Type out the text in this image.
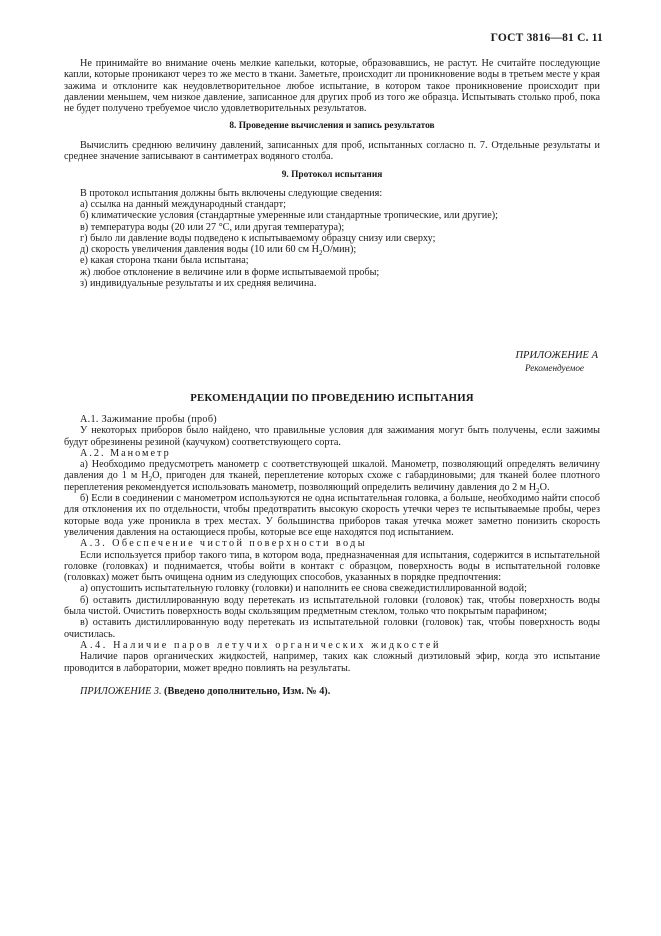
ГОСТ 3816—81 С. 11

Не принимайте во внимание очень мелкие капельки, которые, образовавшись, не растут. Не считайте последующие капли, которые проникают через то же место в ткани. Заметьте, происходит ли проникновение воды в третьем месте у края зажима и отклоните как неудовлетворительное любое испытание, в котором такое проникновение происходит при давлении меньшем, чем низкое давление, записанное для других проб из того же образца. Испытывать столько проб, пока не будет получено требуемое число удовлетворительных результатов.

8. Проведение вычисления и запись результатов

Вычислить среднюю величину давлений, записанных для проб, испытанных согласно п. 7. Отдельные результаты и среднее значение записывают в сантиметрах водяного столба.

9. Протокол испытания

В протокол испытания должны быть включены следующие сведения:

а) ссылка на данный международный стандарт;

б) климатические условия (стандартные умеренные или стандартные тропические, или другие);

в) температура воды (20 или 27 °С, или другая температура);

г) было ли давление воды подведено к испытываемому образцу снизу или сверху;

д) скорость увеличения давления воды (10 или 60 см $H_2О/мин$);

е) какая сторона ткани была испытана;

ж) любое отклонение в величине или в форме испытываемой пробы;

з) индивидуальные результаты и их средняя величина.

ПРИЛОЖЕНИЕ А
Рекомендуемое
РЕКОМЕНДАЦИИ ПО ПРОВЕДЕНИЮ ИСПЫТАНИЯ

А.1. Зажимание пробы (проб)

У некоторых приборов было найдено, что правильные условия для зажимания могут быть получены, если зажимы будут обрезинены резиной (каучуком) соответствующего сорта.

А.2. Манометр

а) Необходимо предусмотреть манометр с соответствующей шкалой. Манометр, позволяющий определять величину давления до 1 м $H_2О$, пригоден для тканей, переплетение которых схоже с габардиновыми; для тканей более плотного переплетения рекомендуется использовать манометр, позволяющий определить величину давления до 2 м $H_2О$.

б) Если в соединении с манометром используются не одна испытательная головка, а больше, необходимо найти способ для отклонения их по отдельности, чтобы предотвратить высокую скорость утечки через те испытываемые пробы, через которые вода уже проникла в трех местах. У большинства приборов такая утечка может заметно понизить скорость увеличения давления на остающиеся пробы, которые все еще находятся под испытанием.

А.3. Обеспечение чистой поверхности воды

Если используется прибор такого типа, в котором вода, предназначенная для испытания, содержится в испытательной головке (головках) и поднимается, чтобы войти в контакт с образцом, поверхность воды в испытательной головке (головках) может быть очищена одним из следующих способов, указанных в порядке предпочтения:

а) опустошить испытательную головку (головки) и наполнить ее снова свежедистиллированной водой;

б) оставить дистиллированную воду перетекать из испытательной головки (головок) так, чтобы поверхность воды была чистой. Очистить поверхность воды скользящим предметным стеклом, только что покрытым парафином;

в) оставить дистиллированную воду перетекать из испытательной головки (головок) так, чтобы поверхность воды очистилась.

А.4. Наличие паров летучих органических жидкостей

Наличие паров органических жидкостей, например, таких как сложный диэтиловый эфир, когда это испытание проводится в лаборатории, может вредно повлиять на результаты.

ПРИЛОЖЕНИЕ 3. (Введено дополнительно, Изм. № 4).
